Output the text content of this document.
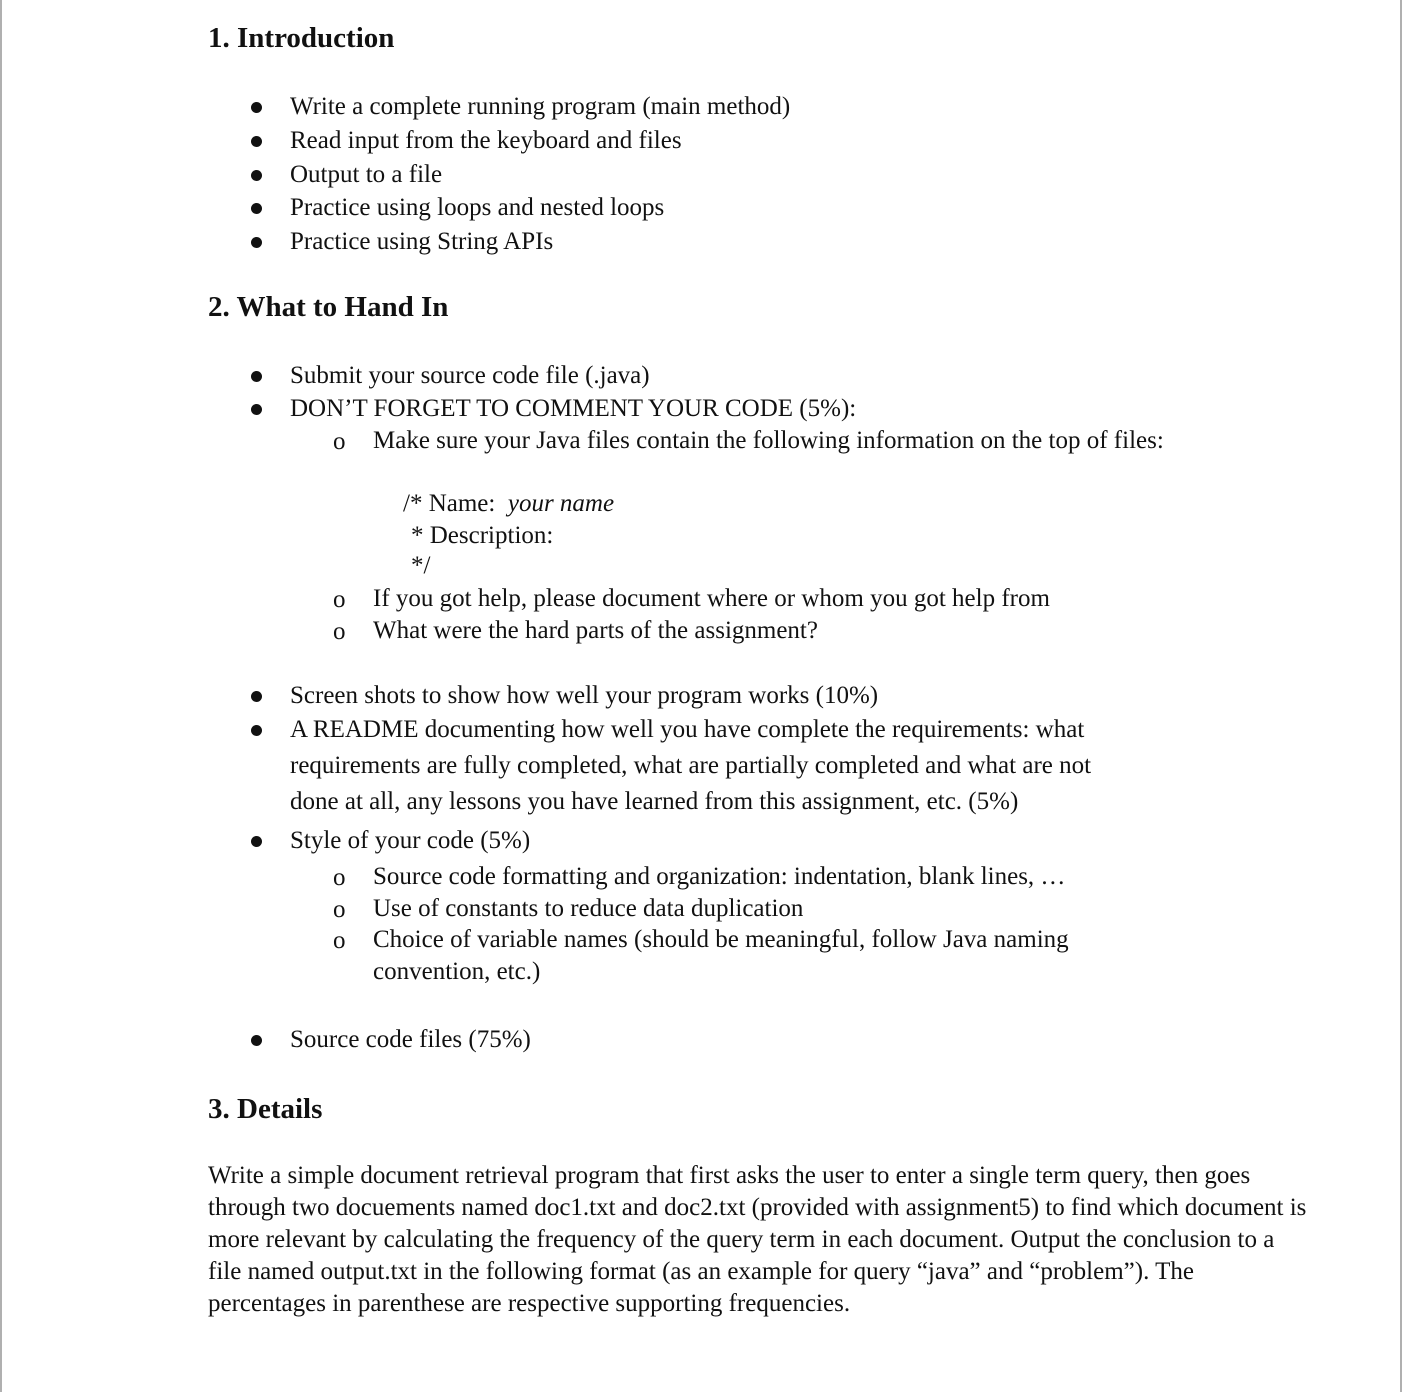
1. Introduction
Write a complete running program (main method)
Read input from the keyboard and files
Output to a file
Practice using loops and nested loops
Practice using String APIs
2. What to Hand In
Submit your source code file (.java)
DON’T FORGET TO COMMENT YOUR CODE (5%):
o Make sure your Java files contain the following information on the top of files:
/* Name: your name
* Description:
*/
o If you got help, please document where or whom you got help from
o What were the hard parts of the assignment?
Screen shots to show how well your program works (10%)
A README documenting how well you have complete the requirements: what
requirements are fully completed, what are partially completed and what are not
done at all, any lessons you have learned from this assignment, etc. (5%)
Style of your code (5%)
o Source code formatting and organization: indentation, blank lines, …
o Use of constants to reduce data duplication
o Choice of variable names (should be meaningful, follow Java naming
convention, etc.)
Source code files (75%)
3. Details
Write a simple document retrieval program that first asks the user to enter a single term query, then goes through two docuements named doc1.txt and doc2.txt (provided with assignment5) to find which document is more relevant by calculating the frequency of the query term in each document. Output the conclusion to a file named output.txt in the following format (as an example for query “java” and “problem”). The percentages in parenthese are respective supporting frequencies.
